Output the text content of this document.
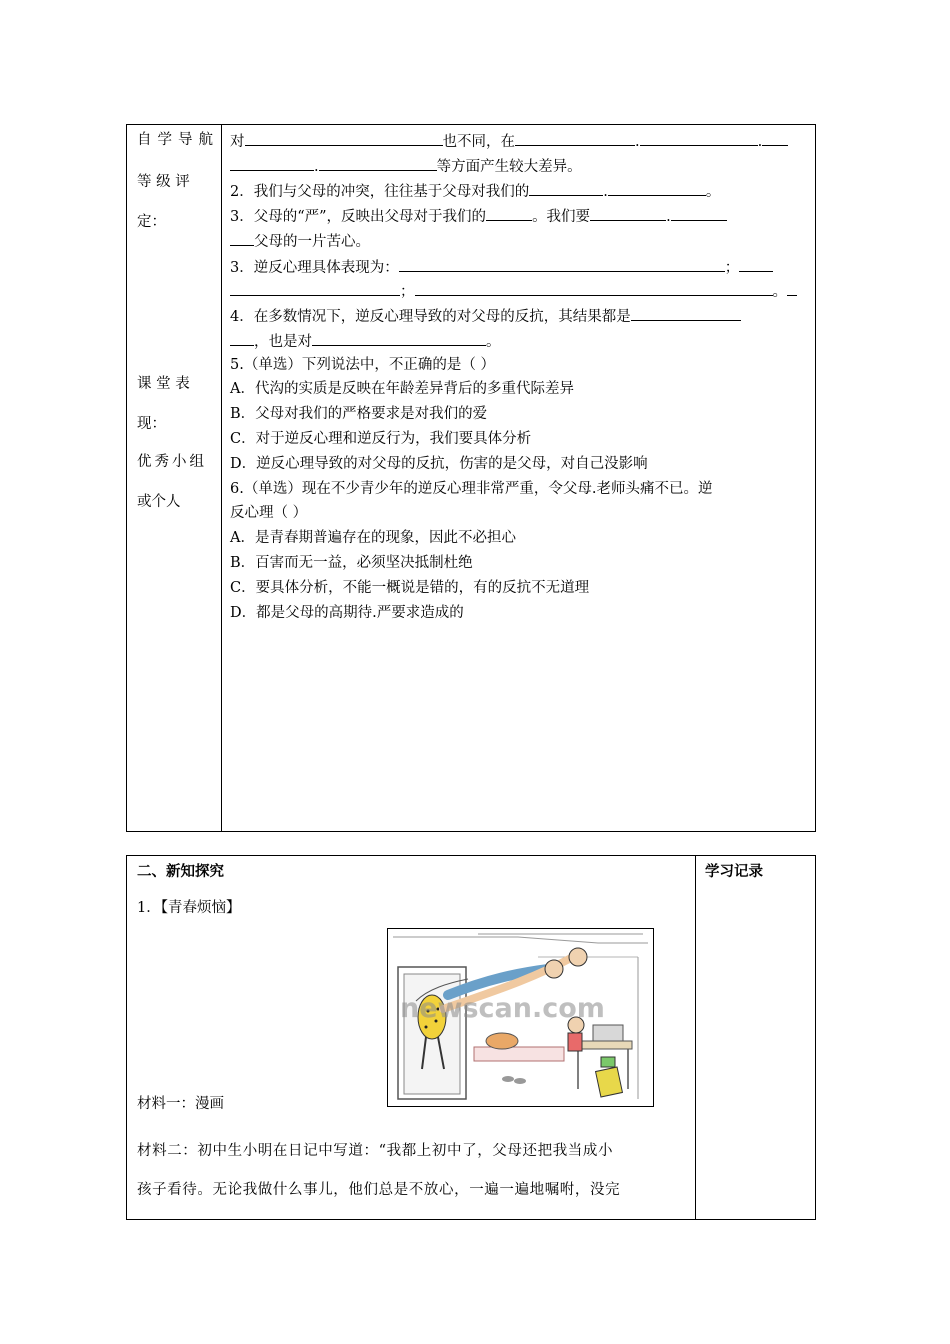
自学导航
等 级 评
定：
课 堂 表
现：
优秀小组
或个人
对	也不同，在	.	.
.	等方面产生较大差异。
2．我们与父母的冲突，往往基于父母对我们的	.	。
3．父母的“严”，反映出父母对于我们的	。我们要	.
父母的一片苦心。
3．逆反心理具体表现为：	；
；	。
4．在多数情况下，逆反心理导致的对父母的反抗，其结果都是
，也是对	。
5.（单选）下列说法中，不正确的是（ ）
A．代沟的实质是反映在年龄差异背后的多重代际差异
B．父母对我们的严格要求是对我们的爱
C．对于逆反心理和逆反行为，我们要具体分析
D．逆反心理导致的对父母的反抗，伤害的是父母，对自己没影响
6.（单选）现在不少青少年的逆反心理非常严重，令父母.老师头痛不已。逆
反心理（ ）
A．是青春期普遍存在的现象，因此不必担心
B．百害而无一益，必须坚决抵制杜绝
C．要具体分析，不能一概说是错的，有的反抗不无道理
D．都是父母的高期待.严要求造成的
二、新知探究	学习记录
1．【青春烦恼】
newscan.com
材料一：漫画
材料二：初中生小明在日记中写道：“我都上初中了，父母还把我当成小
孩子看待。无论我做什么事儿，他们总是不放心，一遍一遍地嘱咐，没完
